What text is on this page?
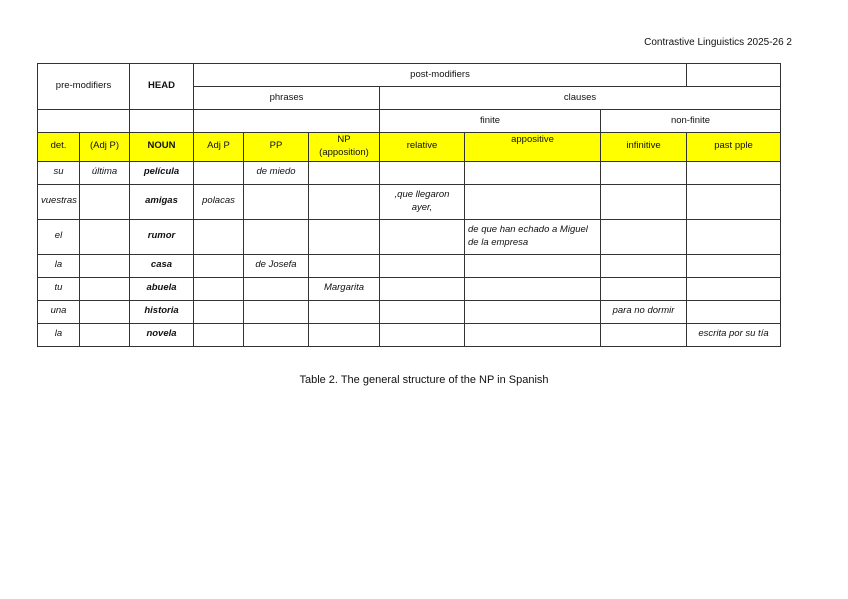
Contrastive Linguistics 2025-26 2
pre-modifiers		HEAD	post-modifiers							
			phrases			clauses				
						finite		non-finite		
det.	(Adj P)	NOUN	Adj P	PP	NP (apposition)	relative	appositive	infinitive	past pple	
su	última	película		de miedo						
vuestras		amigas	polacas			,que llegaron ayer,				
el		rumor					de que han echado a Miguel de la empresa			
la		casa		de Josefa						
tu		abuela			Margarita					
una		historia						para no dormir		
la		novela							escrita por su tía	
Table 2. The general structure of the NP in Spanish
